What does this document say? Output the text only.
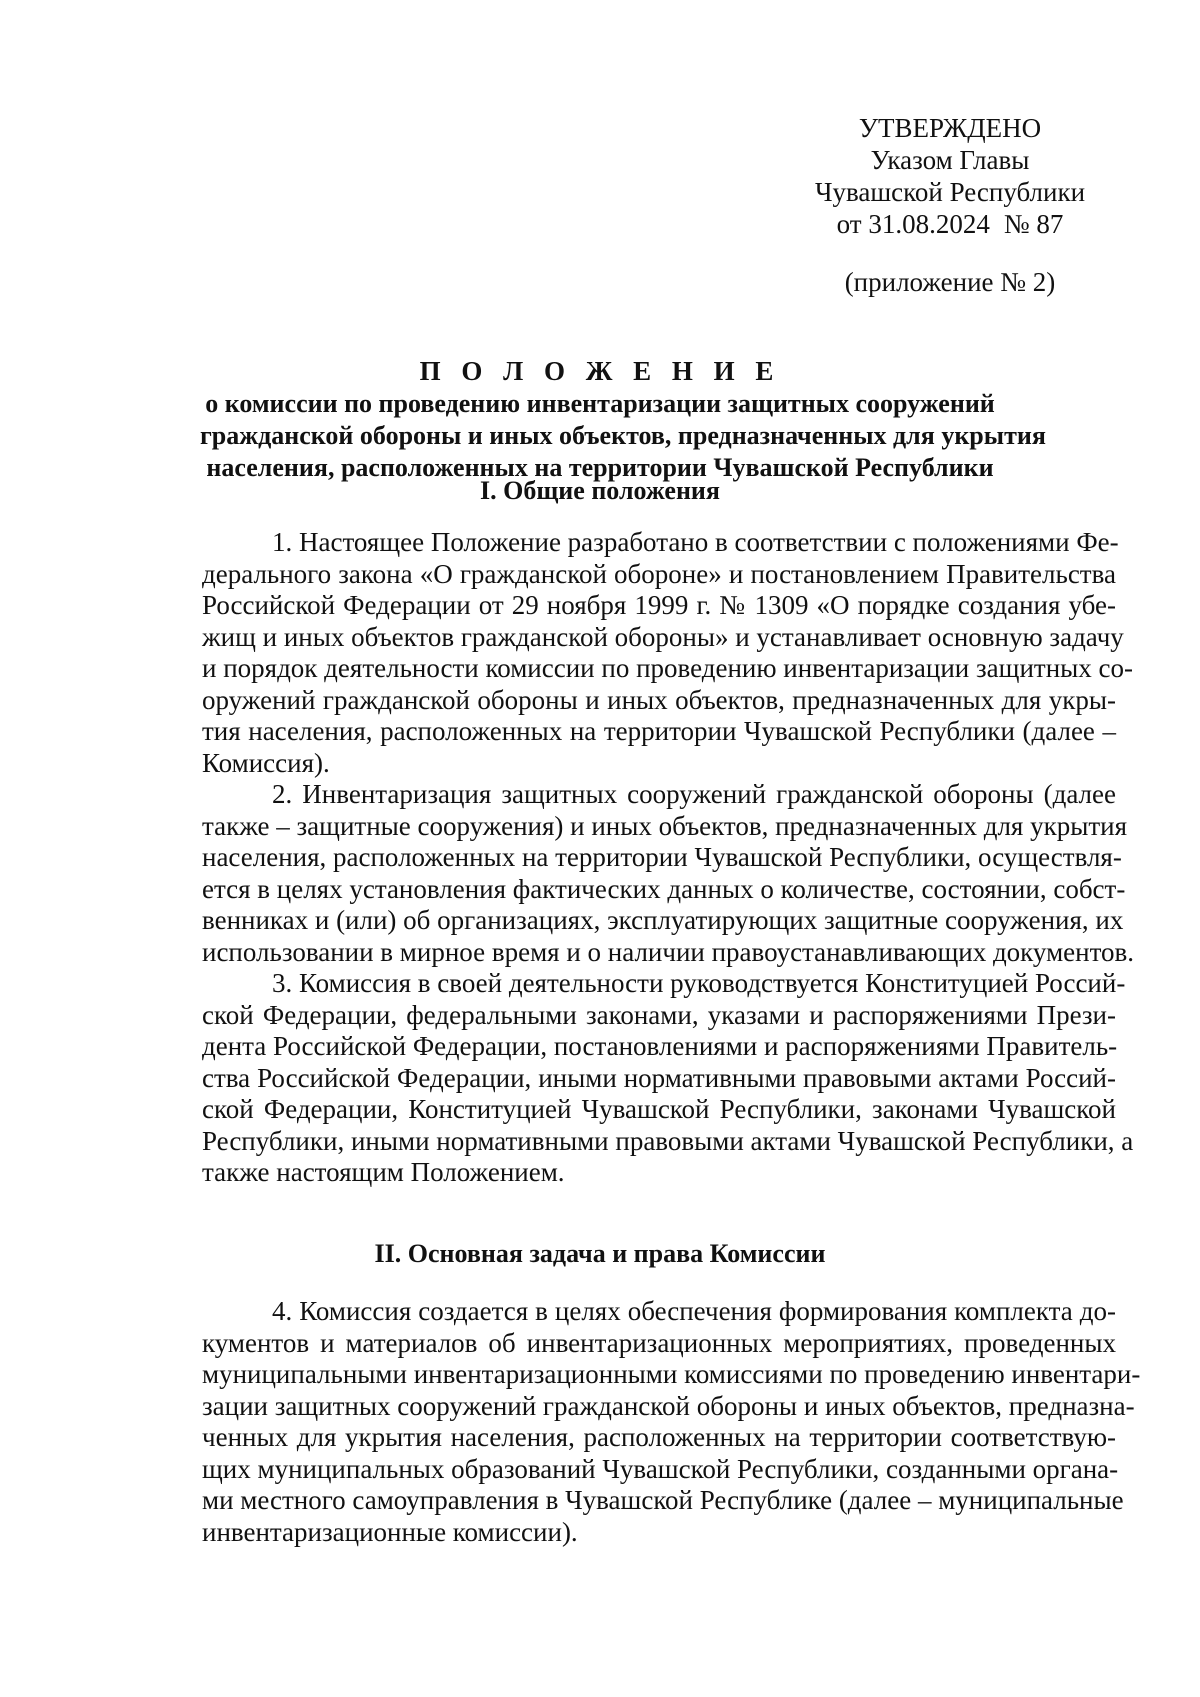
УТВЕРЖДЕНО
Указом Главы
Чувашской Республики
от 31.08.2024 № 87
(приложение № 2)
П О Л О Ж Е Н И Е
о комиссии по проведению инвентаризации защитных сооружений
гражданской обороны и иных объектов, предназначенных для укрытия
населения, расположенных на территории Чувашской Республики
I. Общие положения
1. Настоящее Положение разработано в соответствии с положениями Фе-
дерального закона «О гражданской обороне» и постановлением Правительства
Российской Федерации от 29 ноября 1999 г. № 1309 «О порядке создания убе-
жищ и иных объектов гражданской обороны» и устанавливает основную задачу
и порядок деятельности комиссии по проведению инвентаризации защитных со-
оружений гражданской обороны и иных объектов, предназначенных для укры-
тия населения, расположенных на территории Чувашской Республики (далее –
Комиссия).
2. Инвентаризация защитных сооружений гражданской обороны (далее
также – защитные сооружения) и иных объектов, предназначенных для укрытия
населения, расположенных на территории Чувашской Республики, осуществля-
ется в целях установления фактических данных о количестве, состоянии, собст-
венниках и (или) об организациях, эксплуатирующих защитные сооружения, их
использовании в мирное время и о наличии правоустанавливающих документов.
3. Комиссия в своей деятельности руководствуется Конституцией Россий-
ской Федерации, федеральными законами, указами и распоряжениями Прези-
дента Российской Федерации, постановлениями и распоряжениями Правитель-
ства Российской Федерации, иными нормативными правовыми актами Россий-
ской Федерации, Конституцией Чувашской Республики, законами Чувашской
Республики, иными нормативными правовыми актами Чувашской Республики, а
также настоящим Положением.
II. Основная задача и права Комиссии
4. Комиссия создается в целях обеспечения формирования комплекта до-
кументов и материалов об инвентаризационных мероприятиях, проведенных
муниципальными инвентаризационными комиссиями по проведению инвентари-
зации защитных сооружений гражданской обороны и иных объектов, предназна-
ченных для укрытия населения, расположенных на территории соответствую-
щих муниципальных образований Чувашской Республики, созданными органа-
ми местного самоуправления в Чувашской Республике (далее – муниципальные
инвентаризационные комиссии).
